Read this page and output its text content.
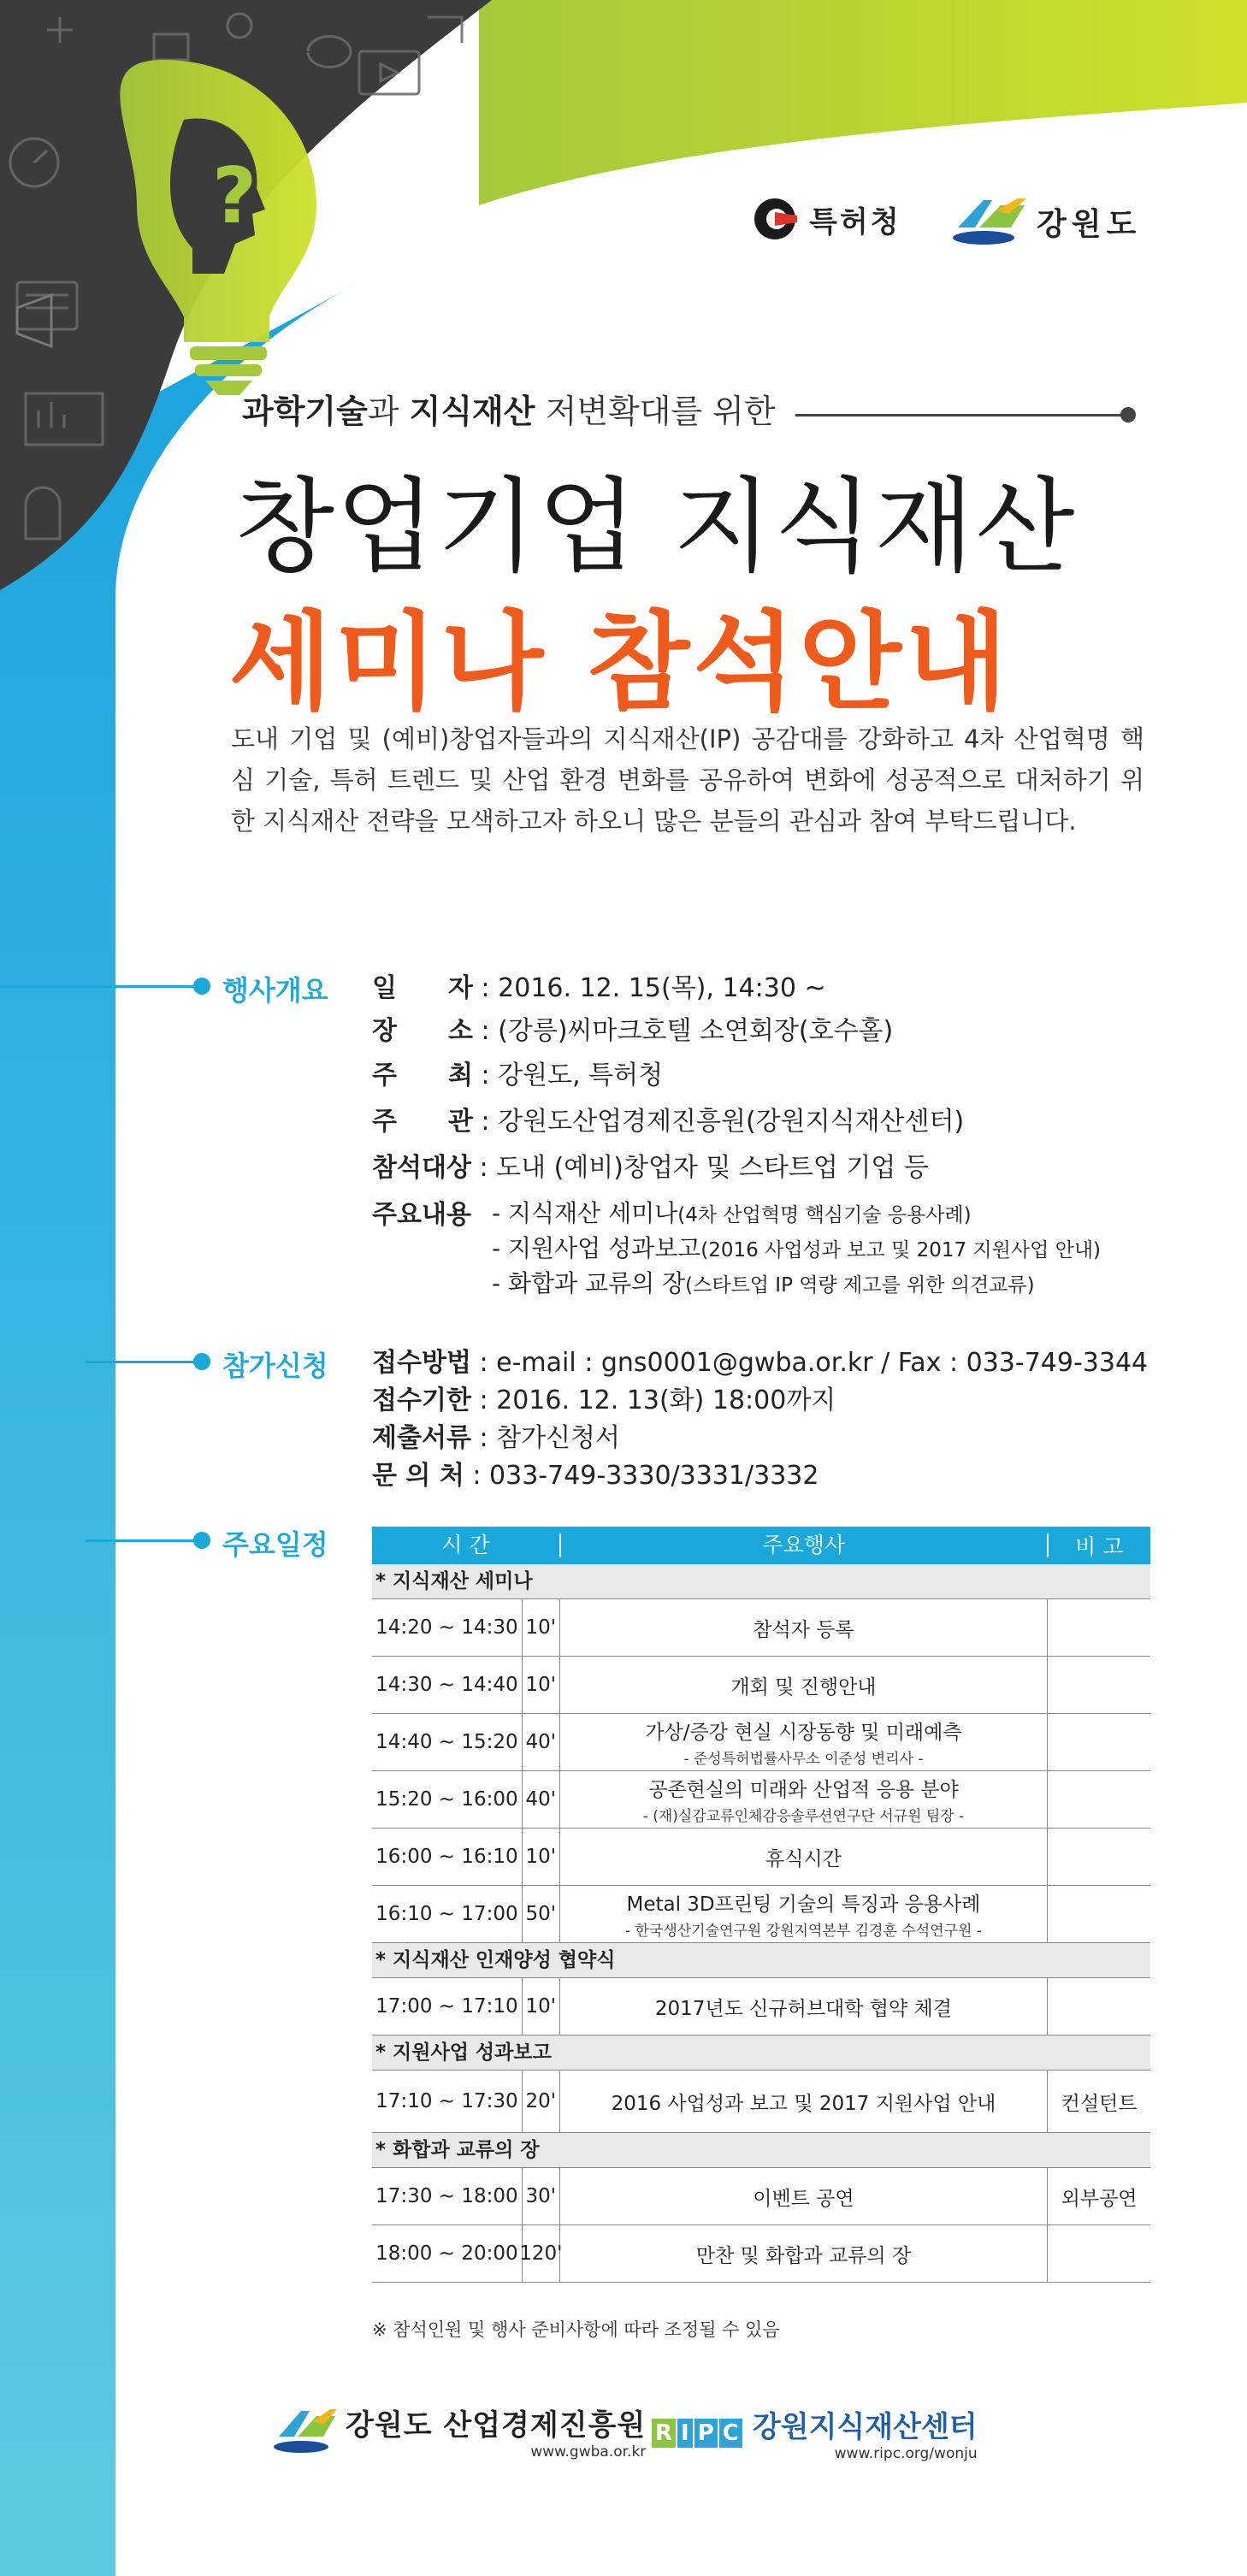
?	특허청	강원도
과학기술과 지식재산 저변확대를 위한
창업기업 지식재산
세미나 참석안내
도내 기업 및 (예비)창업자들과의 지식재산(IP) 공감대를 강화하고 4차 산업혁명 핵심 기술, 특허 트렌드 및 산업 환경 변화를 공유하여 변화에 성공적으로 대처하기 위한 지식재산 전략을 모색하고자 하오니 많은 분들의 관심과 참여 부탁드립니다.
행사개요 일　　자 : 2016. 12. 15(목), 14:30 ~
장　　소 : (강릉)씨마크호텔 소연회장(호수홀)
주　　최 : 강원도, 특허청
주　　관 : 강원도산업경제진흥원(강원지식재산센터)
참석대상 : 도내 (예비)창업자 및 스타트업 기업 등
주요내용 - 지식재산 세미나(4차 산업혁명 핵심기술 응용사례)
- 지원사업 성과보고(2016 사업성과 보고 및 2017 지원사업 안내)
- 화합과 교류의 장(스타트업 IP 역량 제고를 위한 의견교류)
참가신청 접수방법 : e-mail : gns0001@gwba.or.kr / Fax : 033-749-3344
접수기한 : 2016. 12. 13(화) 18:00까지
제출서류 : 참가신청서
문 의 처 : 033-749-3330/3331/3332
주요일정	시 간	주요행사	비 고
* 지식재산 세미나
14:20 ~ 14:30 10'	참석자 등록
14:30 ~ 14:40 10'	개회 및 진행안내
14:40 ~ 15:20 40'	가상/증강 현실 시장동향 및 미래예측
- 준성특허법률사무소 이준성 변리사 -
15:20 ~ 16:00 40'	공존현실의 미래와 산업적 응용 분야
- (재)실감교류인체감응솔루션연구단 서규원 팀장 -
16:00 ~ 16:10 10'	휴식시간
16:10 ~ 17:00 50'	Metal 3D프린팅 기술의 특징과 응용사례
- 한국생산기술연구원 강원지역본부 김경훈 수석연구원 -
* 지식재산 인재양성 협약식
17:00 ~ 17:10 10'	2017년도 신규허브대학 협약 체결
* 지원사업 성과보고
17:10 ~ 17:30 20'	2016 사업성과 보고 및 2017 지원사업 안내	컨설턴트
* 화합과 교류의 장
17:30 ~ 18:00 30'	이벤트 공연	외부공연
18:00 ~ 20:00 120'	만찬 및 화합과 교류의 장
※ 참석인원 및 행사 준비사항에 따라 조정될 수 있음
강원도 산업경제진흥원
www.gwba.or.kr
R I P C 강원지식재산센터
www.ripc.org/wonju
